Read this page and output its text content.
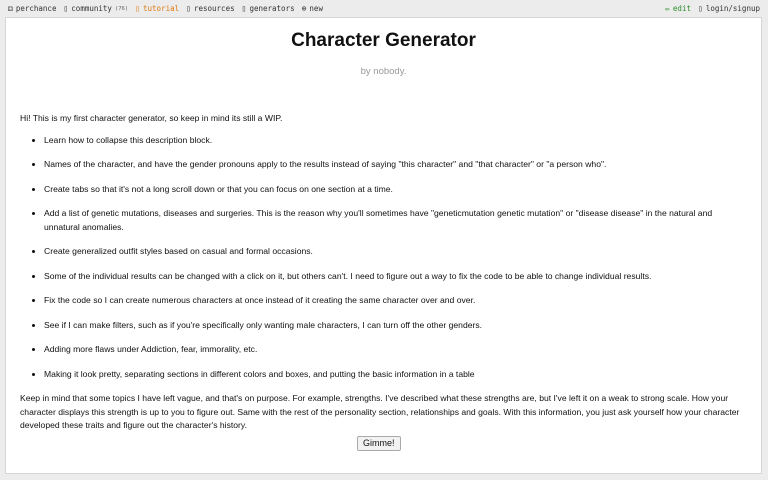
⚃ perchance ▯ community (76) ▯ tutorial ▯ resources ▯ generators ⊕ new	✏ edit ▯ login/signup
Character Generator
by nobody.

Hi! This is my first character generator, so keep in mind its still a WIP.

• Learn how to collapse this description block.
• Names of the character, and have the gender pronouns apply to the results instead of saying "this character" and "that character" or "a person who".
• Create tabs so that it's not a long scroll down or that you can focus on one section at a time.
• Add a list of genetic mutations, diseases and surgeries. This is the reason why you'll sometimes have "geneticmutation genetic mutation" or "disease disease" in the natural and unnatural anomalies.
• Create generalized outfit styles based on casual and formal occasions.
• Some of the individual results can be changed with a click on it, but others can't. I need to figure out a way to fix the code to be able to change individual results.
• Fix the code so I can create numerous characters at once instead of it creating the same character over and over.
• See if I can make filters, such as if you're specifically only wanting male characters, I can turn off the other genders.
• Adding more flaws under Addiction, fear, immorality, etc.
• Making it look pretty, separating sections in different colors and boxes, and putting the basic information in a table

Keep in mind that some topics I have left vague, and that's on purpose. For example, strengths. I've described what these strengths are, but I've left it on a weak to strong scale. How your character displays this strength is up to you to figure out. Same with the rest of the personality section, relationships and goals. With this information, you just ask yourself how your character developed these traits and figure out the character's history.

Gimme!
